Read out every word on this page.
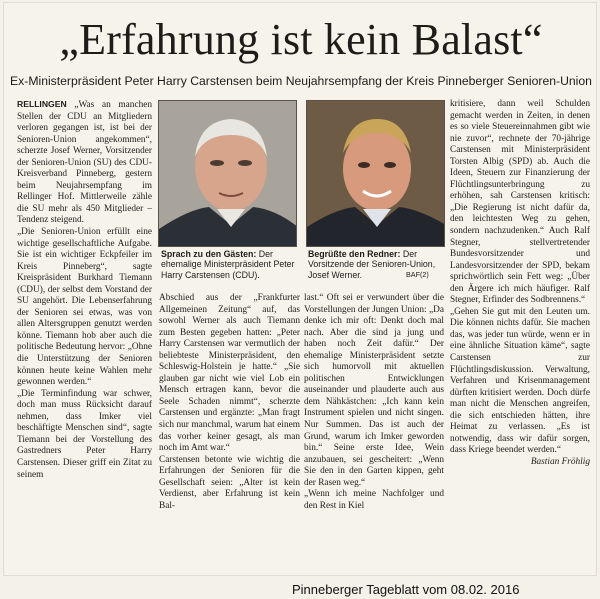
„Erfahrung ist kein Balast“
Ex-Ministerpräsident Peter Harry Carstensen beim Neujahrsempfang der Kreis Pinneberger Senioren-Union

RELLINGEN „Was an manchen Stellen der CDU an Mitgliedern verloren gegangen ist, ist bei der Senioren-Union angekommen“, scherzte Josef Werner, Vorsitzender der Senioren-Union (SU) des CDU-Kreisverband Pinneberg, gestern beim Neujahrsempfang im Rellinger Hof. Mittlerweile zähle die SU mehr als 450 Mitglieder – Tendenz steigend.

„Die Senioren-Union erfüllt eine wichtige gesellschaftliche Aufgabe. Sie ist ein wichtiger Eckpfeiler im Kreis Pinneberg“, sagte Kreispräsident Burkhard Tiemann (CDU), der selbst dem Vorstand der SU angehört. Die Lebenserfahrung der Senioren sei etwas, was von allen Altersgruppen genutzt werden könne. Tiemann hob aber auch die politische Bedeutung hervor: „Ohne die Unterstützung der Senioren können heute keine Wahlen mehr gewonnen werden.“

„Die Terminfindung war schwer, doch man muss Rücksicht darauf nehmen, dass Imker viel beschäftigte Menschen sind“, sagte Tiemann bei der Vorstellung des Gastredners Peter Harry Carstensen. Dieser griff ein Zitat zu seinem

Sprach zu den Gästen: Der ehemalige Ministerpräsident Peter Harry Carstensen (CDU).
Begrüßte den Redner: Der Vorsitzende der Senioren-Union, Josef Werner.	BAF(2)

Abschied aus der „Frankfurter Allgemeinen Zeitung“ auf, das sowohl Werner als auch Tiemann zum Besten gegeben hatten: „Peter Harry Carstensen war vermutlich der beliebteste Ministerpräsident, den Schleswig-Holstein je hatte.“ „Sie glauben gar nicht wie viel Lob ein Mensch ertragen kann, bevor die Seele Schaden nimmt“, scherzte Carstensen und ergänzte: „Man fragt sich nur manchmal, warum hat einem das vorher keiner gesagt, als man noch im Amt war.“

Carstensen betonte wie wichtig die Erfahrungen der Senioren für die Gesellschaft seien: „Alter ist kein Verdienst, aber Erfahrung ist kein Bal-

last.“ Oft sei er verwundert über die Vorstellungen der Jungen Union: „Da denke ich mir oft: Denkt doch mal nach. Aber die sind ja jung und haben noch Zeit dafür.“ Der ehemalige Ministerpräsident setzte sich humorvoll mit aktuellen politischen Entwicklungen auseinander und plauderte auch aus dem Nähkästchen: „Ich kann kein Instrument spielen und nicht singen. Nur Summen. Das ist auch der Grund, warum ich Imker geworden bin.“ Seine erste Idee, Wein anzubauen, sei gescheitert: „Wenn Sie den in den Garten kippen, geht der Rasen weg.“

„Wenn ich meine Nachfolger und den Rest in Kiel

kritisiere, dann weil Schulden gemacht werden in Zeiten, in denen es so viele Steuereinnahmen gibt wie nie zuvor“, rechnete der 70-jährige Carstensen mit Ministerpräsident Torsten Albig (SPD) ab. Auch die Ideen, Steuern zur Finanzierung der Flüchtlingsunterbringung zu erhöhen, sah Carstensen kritisch: „Die Regierung ist nicht dafür da, den leichtesten Weg zu gehen, sondern nachzudenken.“ Auch Ralf Stegner, stellvertretender Bundesvorsitzender und Landesvorsitzender der SPD, bekam sprichwörtlich sein Fett weg: „Über den Ärgere ich mich häufiger. Ralf Stegner, Erfinder des Sodbrennens.“

„Gehen Sie gut mit den Leuten um. Die können nichts dafür. Sie machen das, was jeder tun würde, wenn er in eine ähnliche Situation käme“, sagte Carstensen zur Flüchtlingsdiskussion. Verwaltung, Verfahren und Krisenmanagement dürften kritisiert werden. Doch dürfe man nicht die Menschen angreifen, die sich entschieden hätten, ihre Heimat zu verlassen. „Es ist notwendig, dass wir dafür sorgen, dass Kriege beendet werden.“

Bastian Fröhlig

Pinneberger Tageblatt vom 08.02. 2016
